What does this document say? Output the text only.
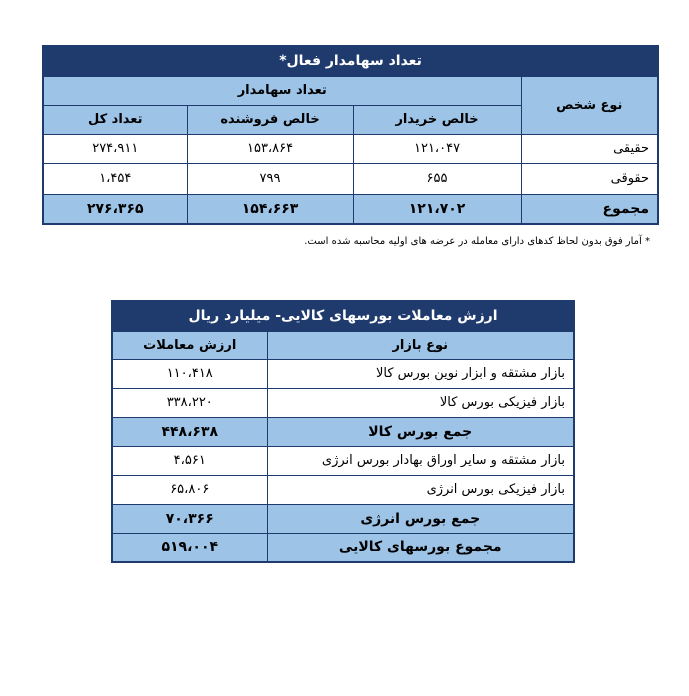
تعداد سهامدار فعال*			
نوع شخص	تعداد سهامدار		
	خالص خریدار	خالص فروشنده	تعداد کل
حقیقی	۱۲۱،۰۴۷	۱۵۳،۸۶۴	۲۷۴،۹۱۱
حقوقی	۶۵۵	۷۹۹	۱،۴۵۴
مجموع	۱۲۱،۷۰۲	۱۵۴،۶۶۳	۲۷۶،۳۶۵
* آمار فوق بدون لحاظ کدهای دارای معامله در عرضه های اولیه محاسبه شده است.
ارزش معاملات بورسهای کالایی- میلیارد ریال	
نوع بازار	ارزش معاملات
بازار مشتقه و ابزار نوین بورس کالا	۱۱۰،۴۱۸
بازار فیزیکی بورس کالا	۳۳۸،۲۲۰
جمع بورس کالا	۴۴۸،۶۳۸
بازار مشتقه و سایر اوراق بهادار بورس انرژی	۴،۵۶۱
بازار فیزیکی بورس انرژی	۶۵،۸۰۶
جمع بورس انرژی	۷۰،۳۶۶
مجموع بورسهای کالایی	۵۱۹،۰۰۴
